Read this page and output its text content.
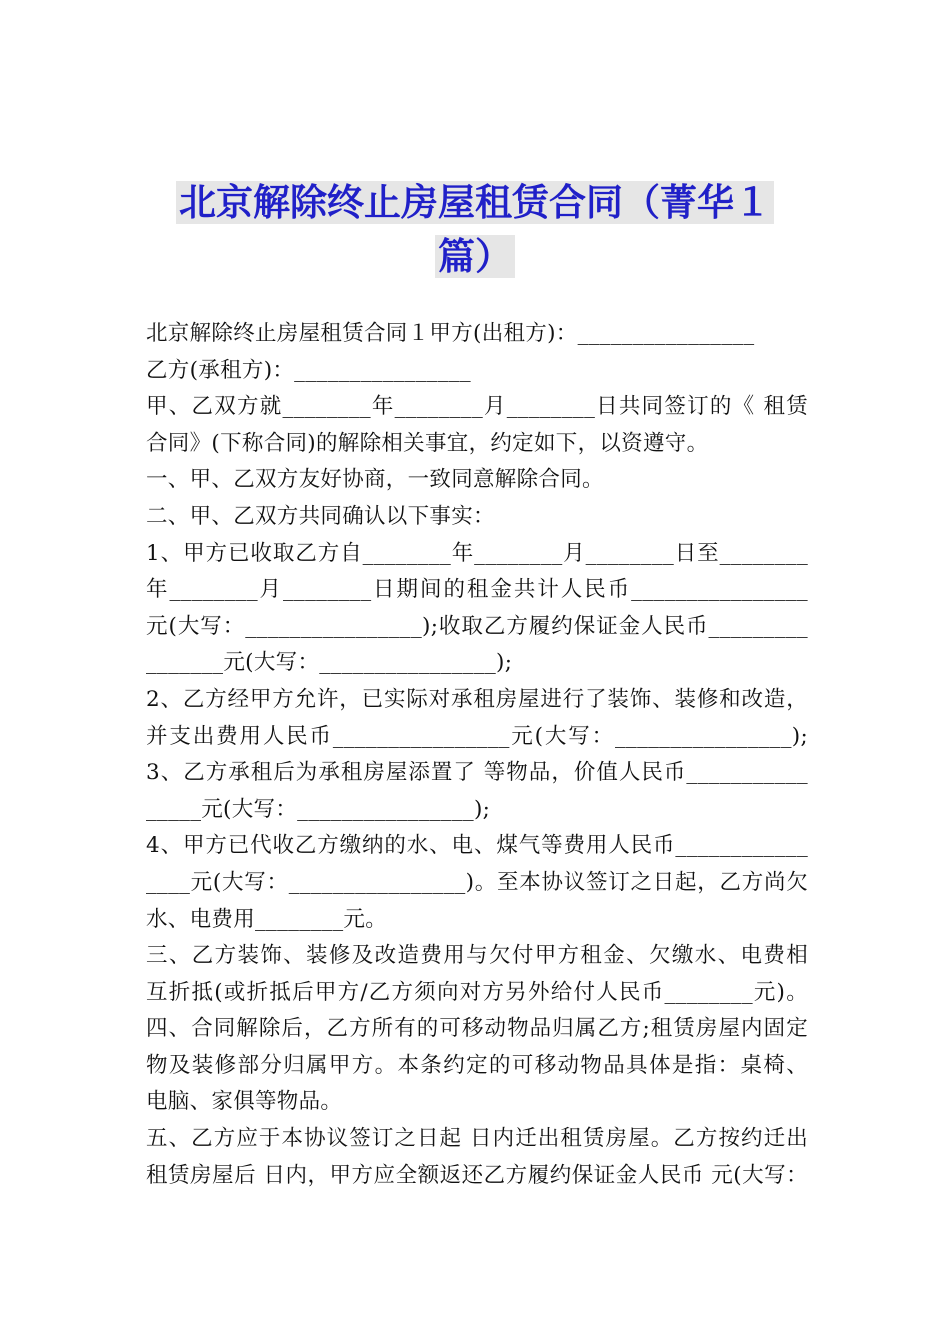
北京解除终止房屋租赁合同（菁华１
篇）

北京解除终止房屋租赁合同１甲方(出租方)：________________

乙方(承租方)：________________

甲、乙双方就________年________月________日共同签订的《 租赁

合同》(下称合同)的解除相关事宜，约定如下，以资遵守。

一、甲、乙双方友好协商，一致同意解除合同。

二、甲、乙双方共同确认以下事实：

1、甲方已收取乙方自________年________月________日至________

年________月________日期间的租金共计人民币________________

元(大写：________________);收取乙方履约保证金人民币_________

_______元(大写：________________);

2、乙方经甲方允许，已实际对承租房屋进行了装饰、装修和改造，

并支出费用人民币________________元(大写：________________);

3、乙方承租后为承租房屋添置了 等物品，价值人民币___________

_____元(大写：________________);

4、甲方已代收乙方缴纳的水、电、煤气等费用人民币____________

____元(大写：________________)。至本协议签订之日起，乙方尚欠

水、电费用________元。

三、乙方装饰、装修及改造费用与欠付甲方租金、欠缴水、电费相

互折抵(或折抵后甲方/乙方须向对方另外给付人民币________元)。

四、合同解除后，乙方所有的可移动物品归属乙方;租赁房屋内固定

物及装修部分归属甲方。本条约定的可移动物品具体是指：桌椅、

电脑、家俱等物品。

五、乙方应于本协议签订之日起 日内迁出租赁房屋。乙方按约迁出

租赁房屋后 日内，甲方应全额返还乙方履约保证金人民币 元(大写：
